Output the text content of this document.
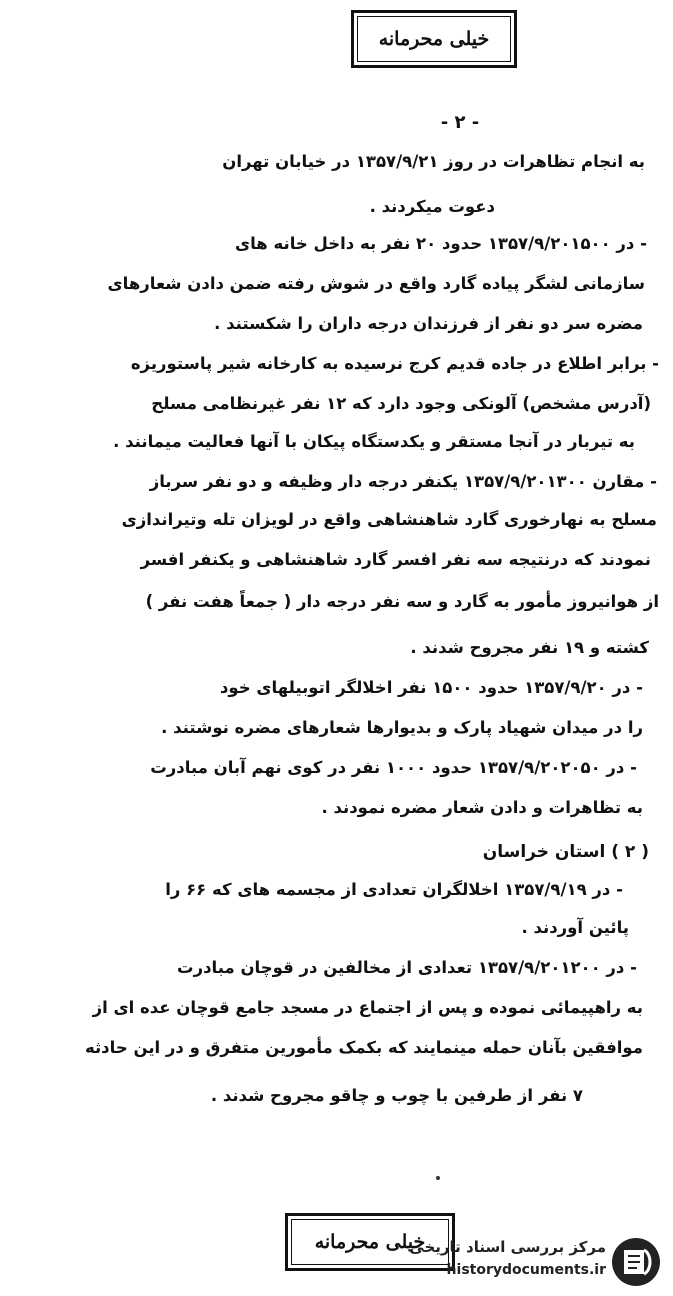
خیلی محرمانه
- ۲ -
به انجام تظاهرات در روز ۱۳۵۷/۹/۲۱ در خیابان تهران
دعوت میکردند .
- در ۱۳۵۷/۹/۲۰۱۵۰۰ حدود ۲۰ نفر به داخل خانه های
سازمانی لشگر پیاده گارد واقع در شوش رفته ضمن دادن شعارهای
مضره سر دو نفر از فرزندان درجه داران را شکستند .
- برابر اطلاع در جاده قدیم کرج نرسیده به کارخانه شیر پاستوریزه
(آدرس مشخص) آلونکی وجود دارد که ۱۲ نفر غیرنظامی مسلح
به تیربار در آنجا مستقر و یکدستگاه پیکان با آنها فعالیت میمانند .
- مقارن ۱۳۵۷/۹/۲۰۱۳۰۰ یکنفر درجه دار وظیفه و دو نفر سرباز
مسلح به نهارخوری گارد شاهنشاهی واقع در لویزان تله وتیراندازی
نمودند که درنتیجه سه نفر افسر گارد شاهنشاهی و یکنفر افسر
از هوانیروز مأمور به گارد و سه نفر درجه دار ( جمعاً هفت نفر )
کشته و ۱۹ نفر مجروح شدند .
- در ۱۳۵۷/۹/۲۰ حدود ۱۵۰۰ نفر اخلالگر اتوبیلهای خود
را در میدان شهیاد پارک و بدیوارها شعارهای مضره نوشتند .
- در ۱۳۵۷/۹/۲۰۲۰۵۰ حدود ۱۰۰۰ نفر در کوی نهم آبان مبادرت
به تظاهرات و دادن شعار مضره نمودند .
( ۲ ) استان خراسان
- در ۱۳۵۷/۹/۱۹ اخلالگران تعدادی از مجسمه های که ۶۶ را
پائین آوردند .
- در ۱۳۵۷/۹/۲۰۱۲۰۰ تعدادی از مخالفین در قوچان مبادرت
به راهپیمائی نموده و پس از اجتماع در مسجد جامع قوچان عده ای از
موافقین بآنان حمله مینمایند که بکمک مأمورین متفرق و در این حادثه
۷ نفر از طرفین با چوب و چاقو مجروح شدند .
خیلی محرمانه
مرکز بررسی اسناد تاریخی
historydocuments.ir
